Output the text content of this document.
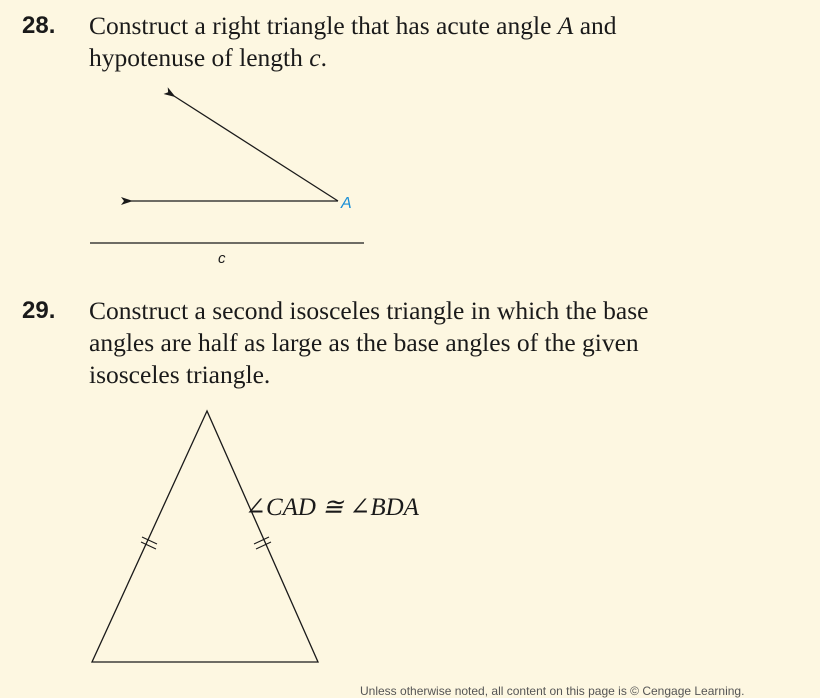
28. Construct a right triangle that has acute angle A and

hypotenuse of length c.

29. Construct a second isosceles triangle in which the base

angles are half as large as the base angles of the given

isosceles triangle.

A
c
∠CAD ≅ ∠BDA
Unless otherwise noted, all content on this page is © Cengage Learning.
